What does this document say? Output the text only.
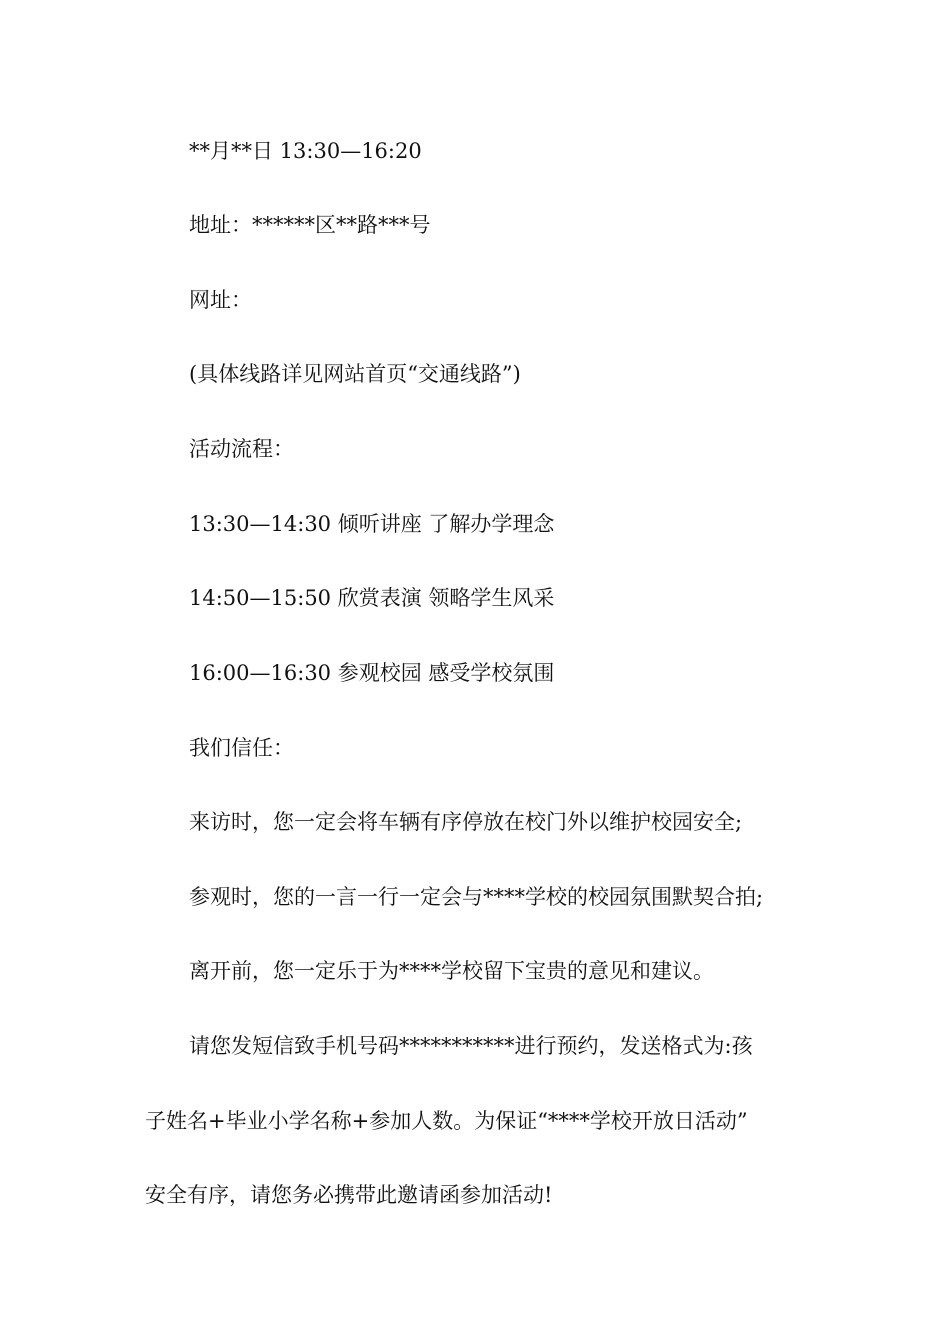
**月**日 13:30—16:20
地址：******区**路***号
网址：
(具体线路详见网站首页“交通线路”)
活动流程：
13:30—14:30 倾听讲座 了解办学理念
14:50—15:50 欣赏表演 领略学生风采
16:00—16:30 参观校园 感受学校氛围
我们信任：
来访时，您一定会将车辆有序停放在校门外以维护校园安全;
参观时，您的一言一行一定会与****学校的校园氛围默契合拍;
离开前，您一定乐于为****学校留下宝贵的意见和建议。
请您发短信致手机号码***********进行预约，发送格式为:孩
子姓名+毕业小学名称+参加人数。为保证“****学校开放日活动”
安全有序，请您务必携带此邀请函参加活动!
